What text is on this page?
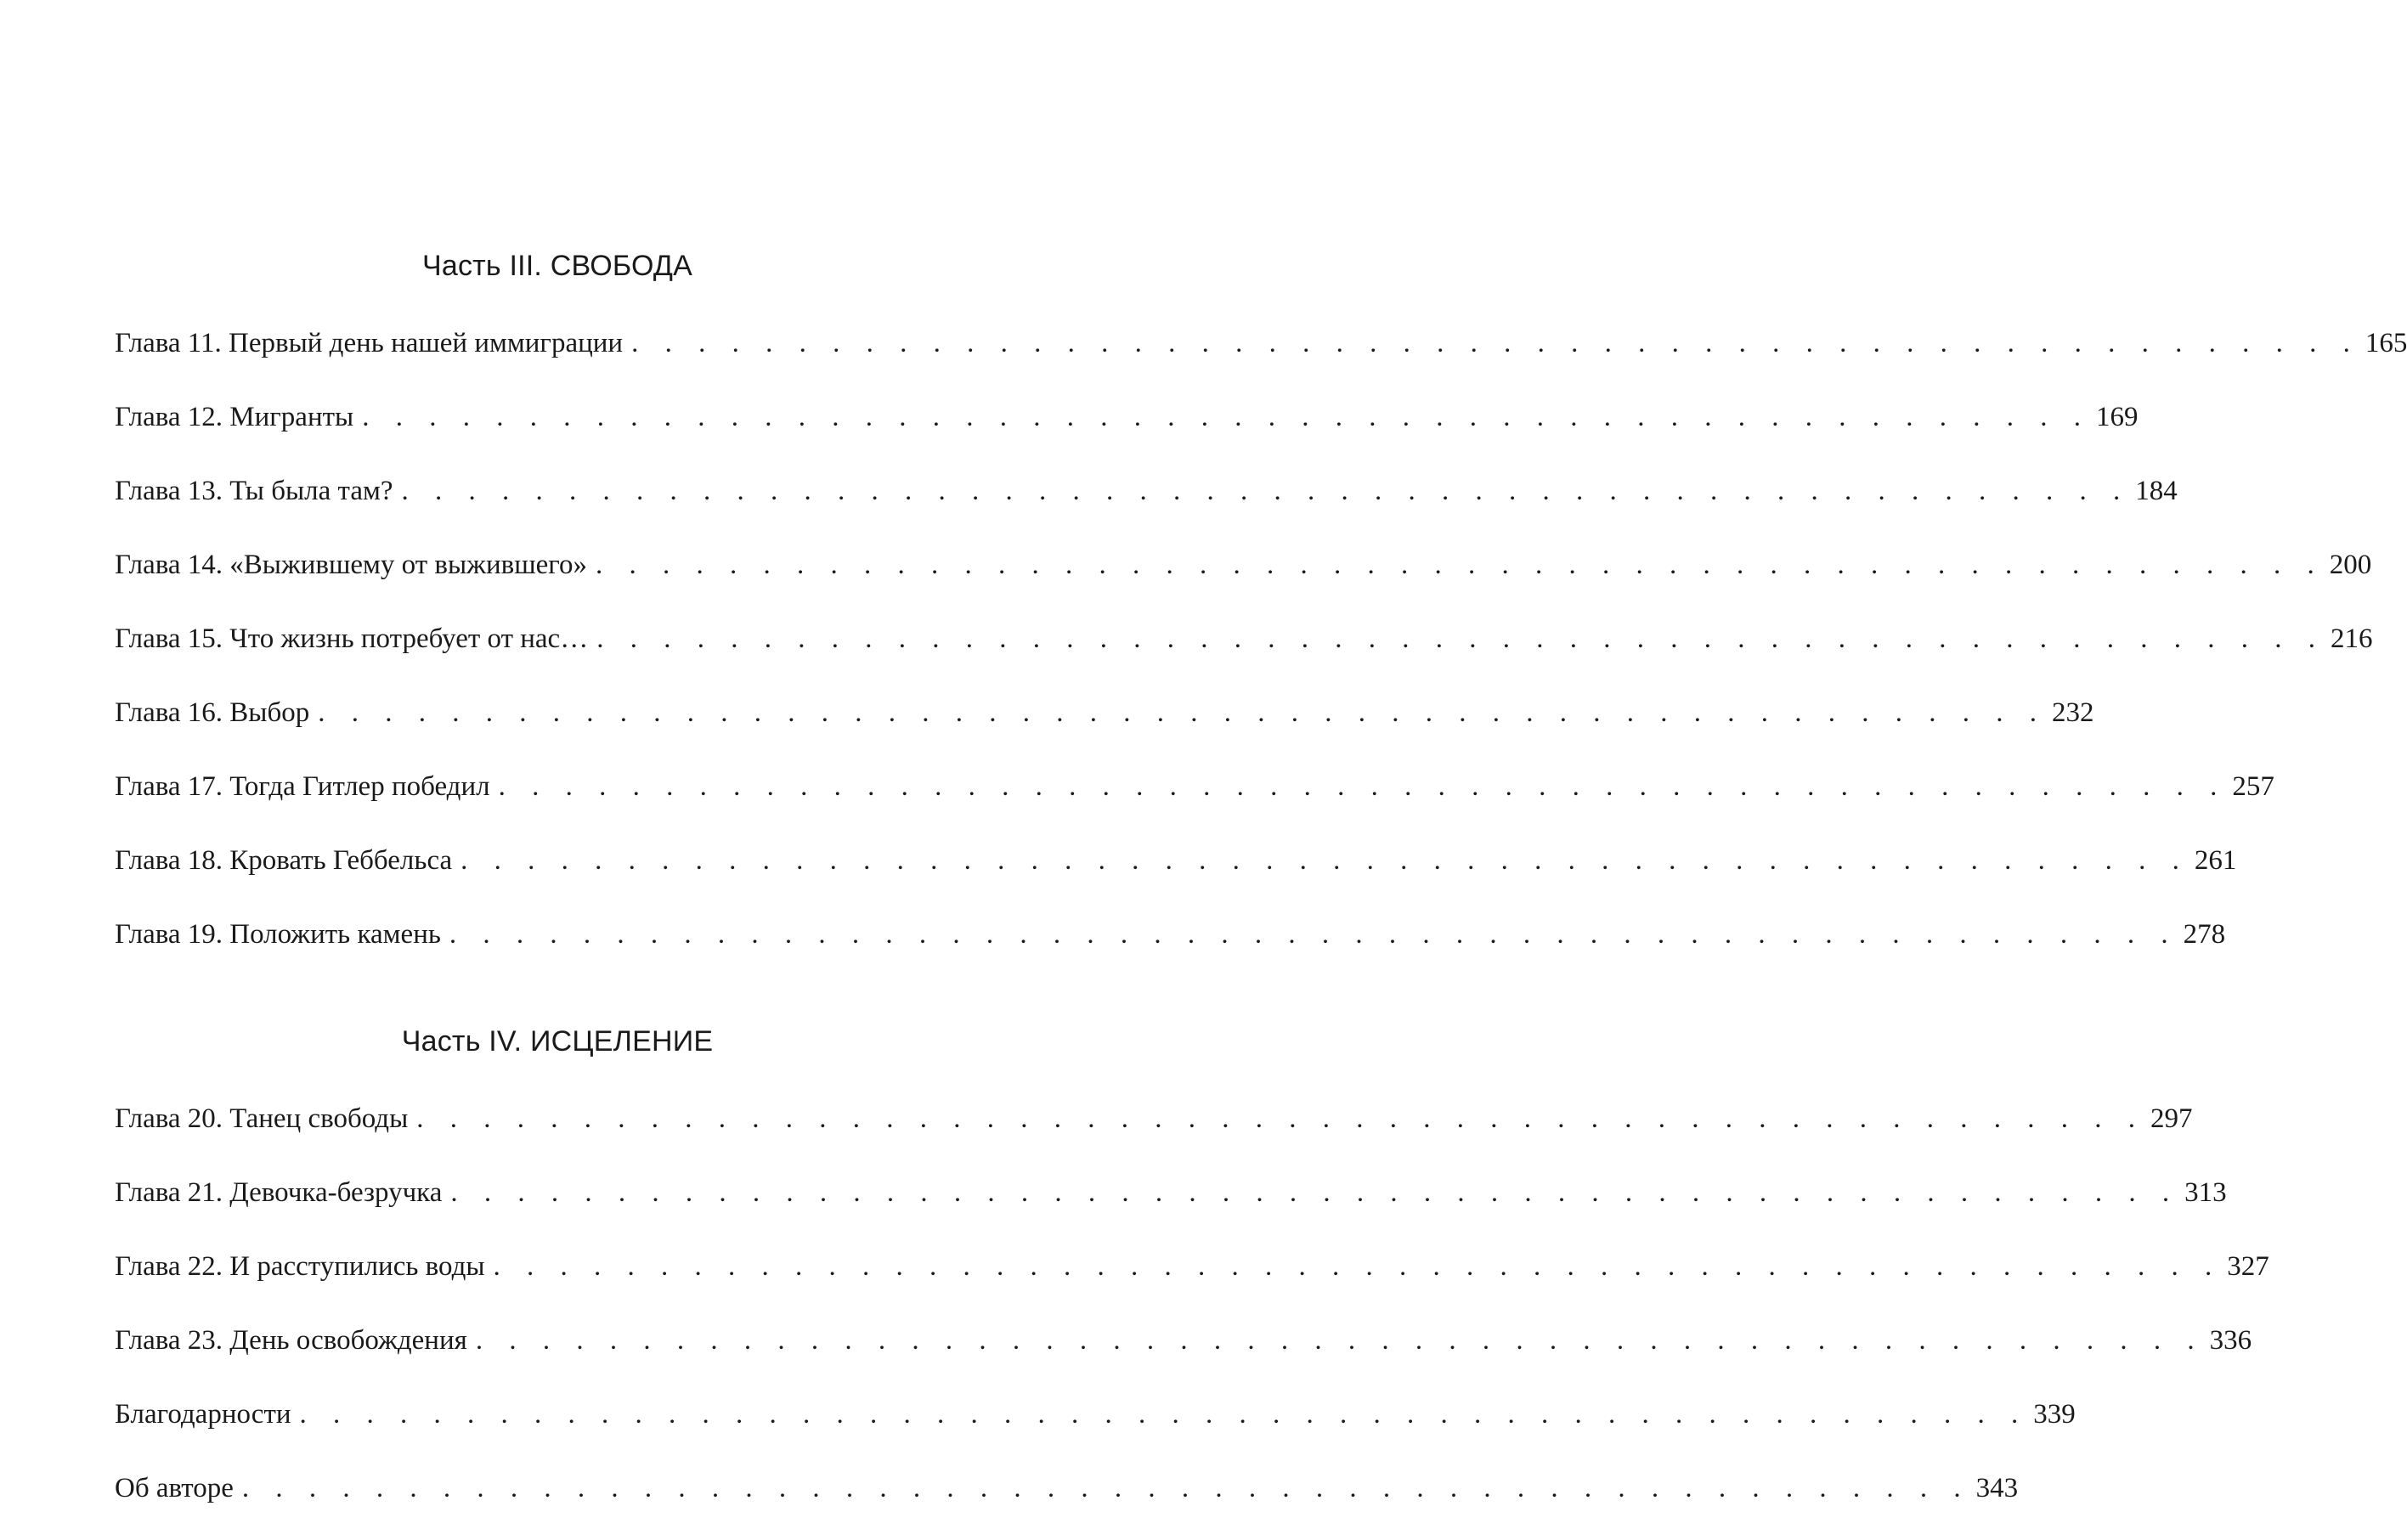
Часть III. СВОБОДА
Глава 11. Первый день нашей иммиграции . . . . . . . . . . . . . . . . . . . . . . . . . . . . . . . . . . . . . . . . . . . . . . . . . . . . 165
Глава 12. Мигранты . . . . . . . . . . . . . . . . . . . . . . . . . . . . . . . . . . . . . . . . . . . . . . . . . . . . 169
Глава 13. Ты была там? . . . . . . . . . . . . . . . . . . . . . . . . . . . . . . . . . . . . . . . . . . . . . . . . . . . . 184
Глава 14. «Выжившему от выжившего» . . . . . . . . . . . . . . . . . . . . . . . . . . . . . . . . . . . . . . . . . . . . . . . . . . . . 200
Глава 15. Что жизнь потребует от нас… . . . . . . . . . . . . . . . . . . . . . . . . . . . . . . . . . . . . . . . . . . . . . . . . . . . . 216
Глава 16. Выбор . . . . . . . . . . . . . . . . . . . . . . . . . . . . . . . . . . . . . . . . . . . . . . . . . . . . 232
Глава 17. Тогда Гитлер победил . . . . . . . . . . . . . . . . . . . . . . . . . . . . . . . . . . . . . . . . . . . . . . . . . . . . 257
Глава 18. Кровать Геббельса . . . . . . . . . . . . . . . . . . . . . . . . . . . . . . . . . . . . . . . . . . . . . . . . . . . . 261
Глава 19. Положить камень . . . . . . . . . . . . . . . . . . . . . . . . . . . . . . . . . . . . . . . . . . . . . . . . . . . . 278
Часть IV. ИСЦЕЛЕНИЕ
Глава 20. Танец свободы . . . . . . . . . . . . . . . . . . . . . . . . . . . . . . . . . . . . . . . . . . . . . . . . . . . . 297
Глава 21. Девочка-безручка . . . . . . . . . . . . . . . . . . . . . . . . . . . . . . . . . . . . . . . . . . . . . . . . . . . . 313
Глава 22. И расступились воды . . . . . . . . . . . . . . . . . . . . . . . . . . . . . . . . . . . . . . . . . . . . . . . . . . . . 327
Глава 23. День освобождения . . . . . . . . . . . . . . . . . . . . . . . . . . . . . . . . . . . . . . . . . . . . . . . . . . . . 336
Благодарности . . . . . . . . . . . . . . . . . . . . . . . . . . . . . . . . . . . . . . . . . . . . . . . . . . . . 339
Об авторе . . . . . . . . . . . . . . . . . . . . . . . . . . . . . . . . . . . . . . . . . . . . . . . . . . . . 343
